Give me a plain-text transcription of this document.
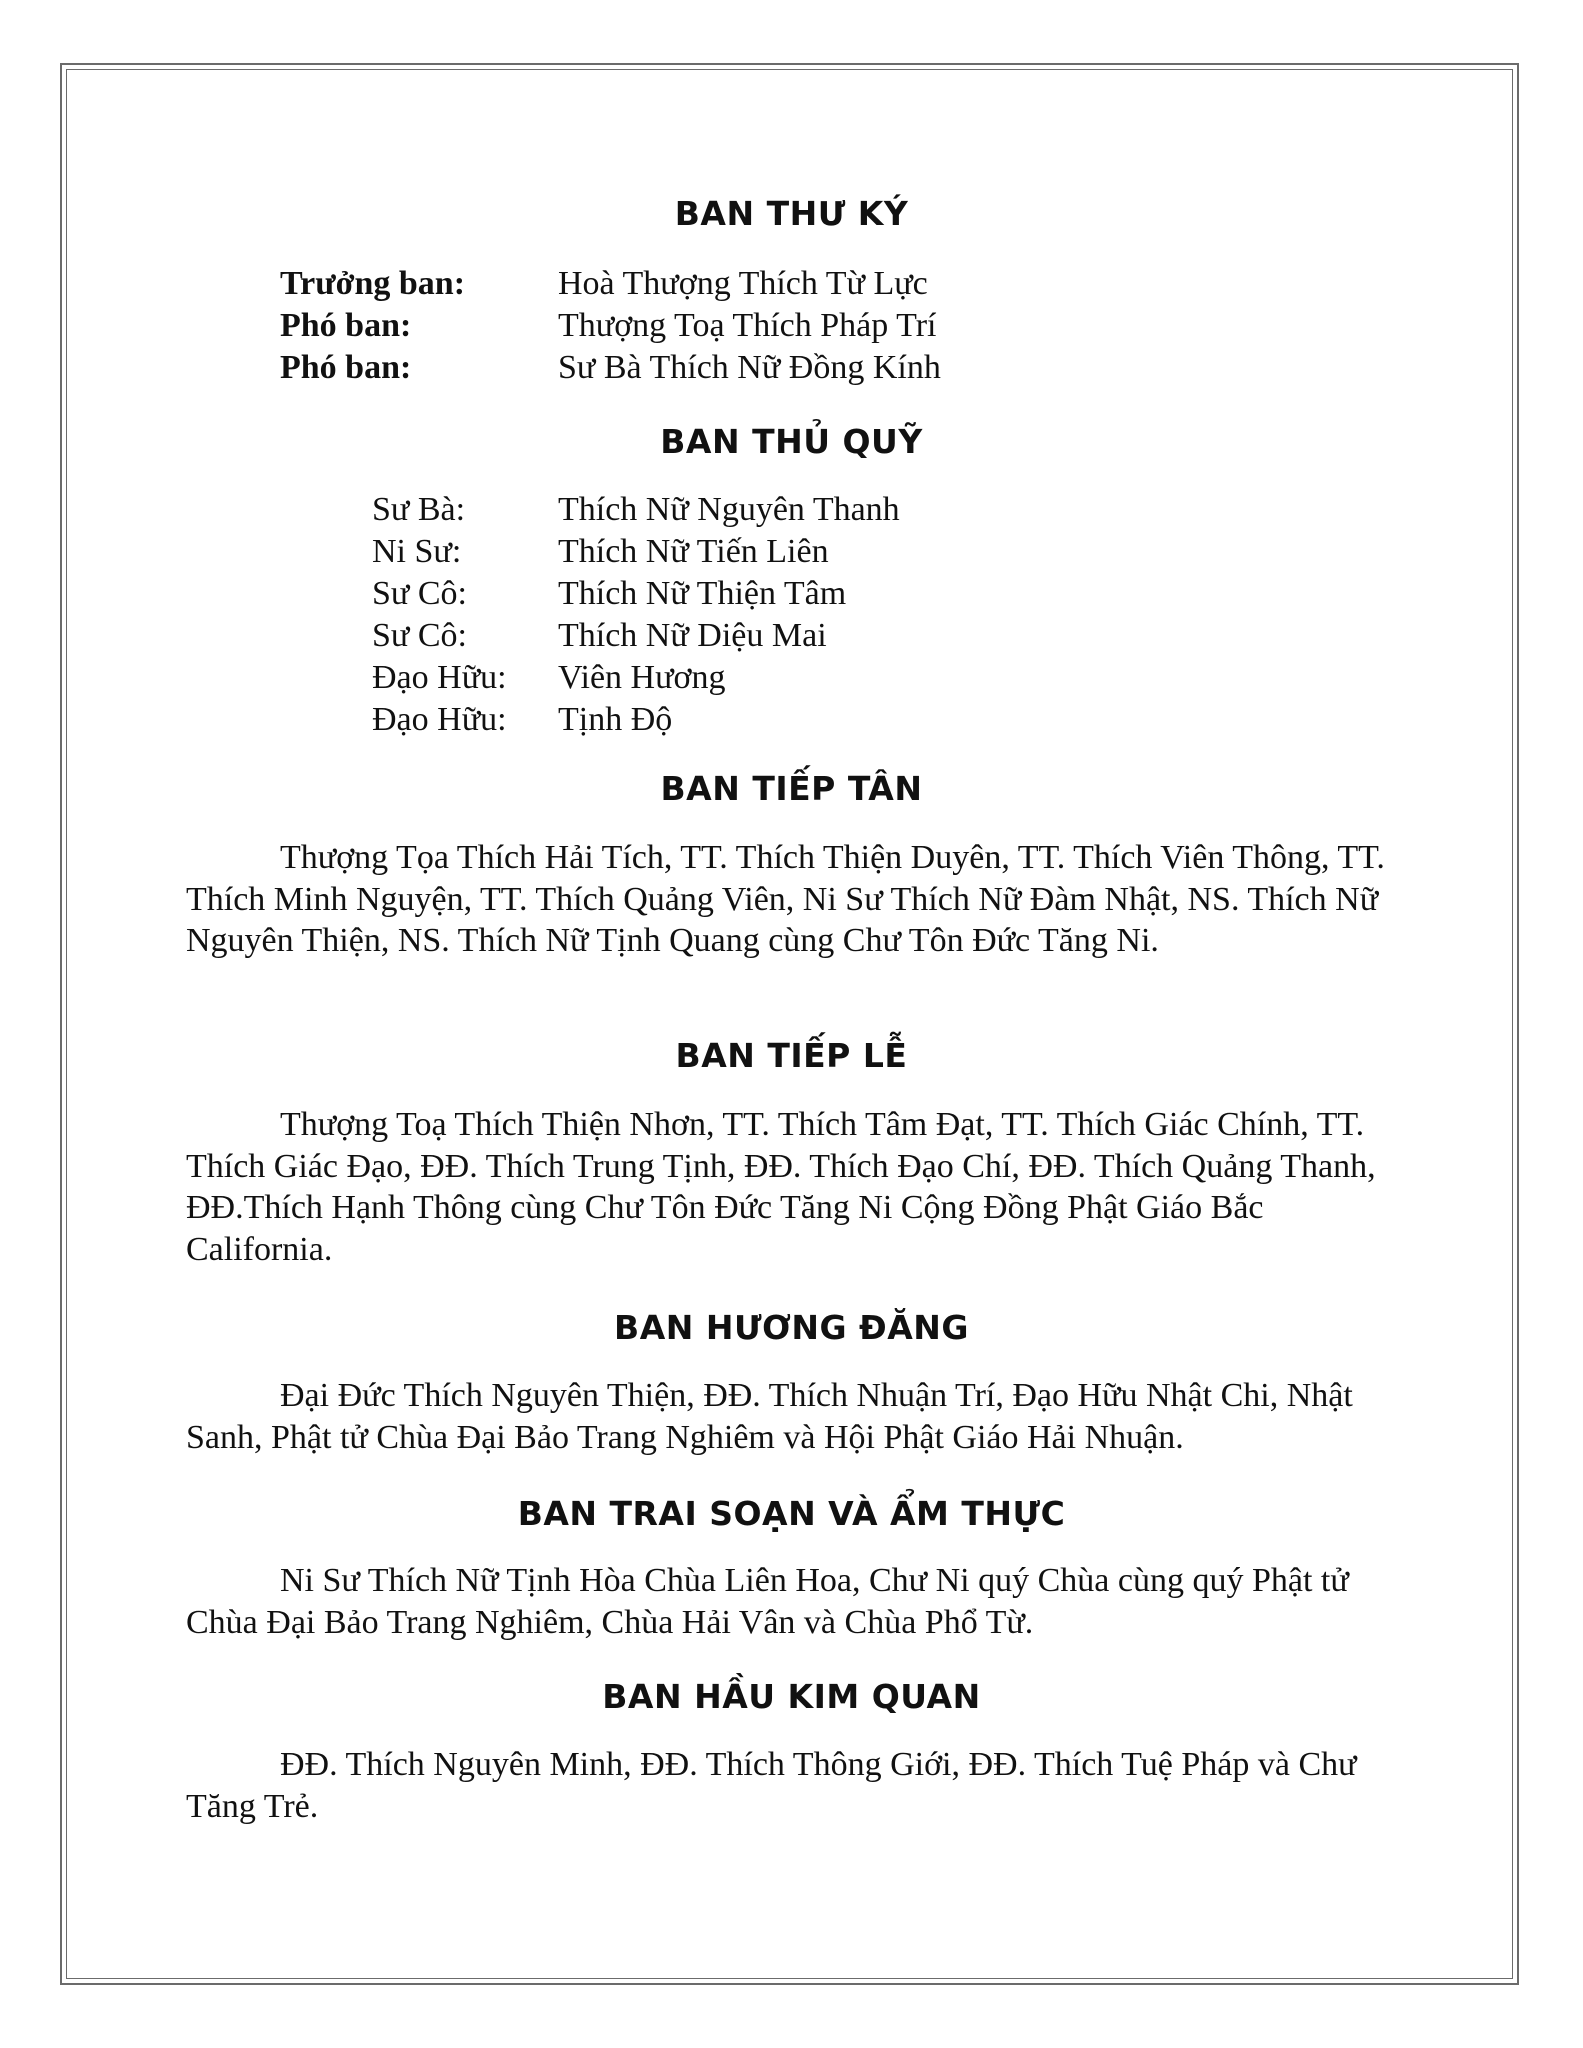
BAN THƯ KÝ
Trưởng ban:	Hoà Thượng Thích Từ Lực
Phó ban:	Thượng Toạ Thích Pháp Trí
Phó ban:	Sư Bà Thích Nữ Đồng Kính
BAN THỦ QUỸ
Sư Bà:	Thích Nữ Nguyên Thanh
Ni Sư:	Thích Nữ Tiến Liên
Sư Cô:	Thích Nữ Thiện Tâm
Sư Cô:	Thích Nữ Diệu Mai
Đạo Hữu: Viên Hương
Đạo Hữu: Tịnh Độ
BAN TIẾP TÂN

Thượng Tọa Thích Hải Tích, TT. Thích Thiện Duyên, TT. Thích Viên Thông, TT. Thích Minh Nguyện, TT. Thích Quảng Viên, Ni Sư Thích Nữ Đàm Nhật, NS. Thích Nữ Nguyên Thiện, NS. Thích Nữ Tịnh Quang cùng Chư Tôn Đức Tăng Ni.

BAN TIẾP LỄ

Thượng Toạ Thích Thiện Nhơn, TT. Thích Tâm Đạt, TT. Thích Giác Chính, TT. Thích Giác Đạo, ĐĐ. Thích Trung Tịnh, ĐĐ. Thích Đạo Chí, ĐĐ. Thích Quảng Thanh, ĐĐ.Thích Hạnh Thông cùng Chư Tôn Đức Tăng Ni Cộng Đồng Phật Giáo Bắc California.

BAN HƯƠNG ĐĂNG

Đại Đức Thích Nguyên Thiện, ĐĐ. Thích Nhuận Trí, Đạo Hữu Nhật Chi, Nhật Sanh, Phật tử Chùa Đại Bảo Trang Nghiêm và Hội Phật Giáo Hải Nhuận.

BAN TRAI SOẠN VÀ ẨM THỰC

Ni Sư Thích Nữ Tịnh Hòa Chùa Liên Hoa, Chư Ni quý Chùa cùng quý Phật tử Chùa Đại Bảo Trang Nghiêm, Chùa Hải Vân và Chùa Phổ Từ.

BAN HẦU KIM QUAN

ĐĐ. Thích Nguyên Minh, ĐĐ. Thích Thông Giới, ĐĐ. Thích Tuệ Pháp và Chư Tăng Trẻ.
